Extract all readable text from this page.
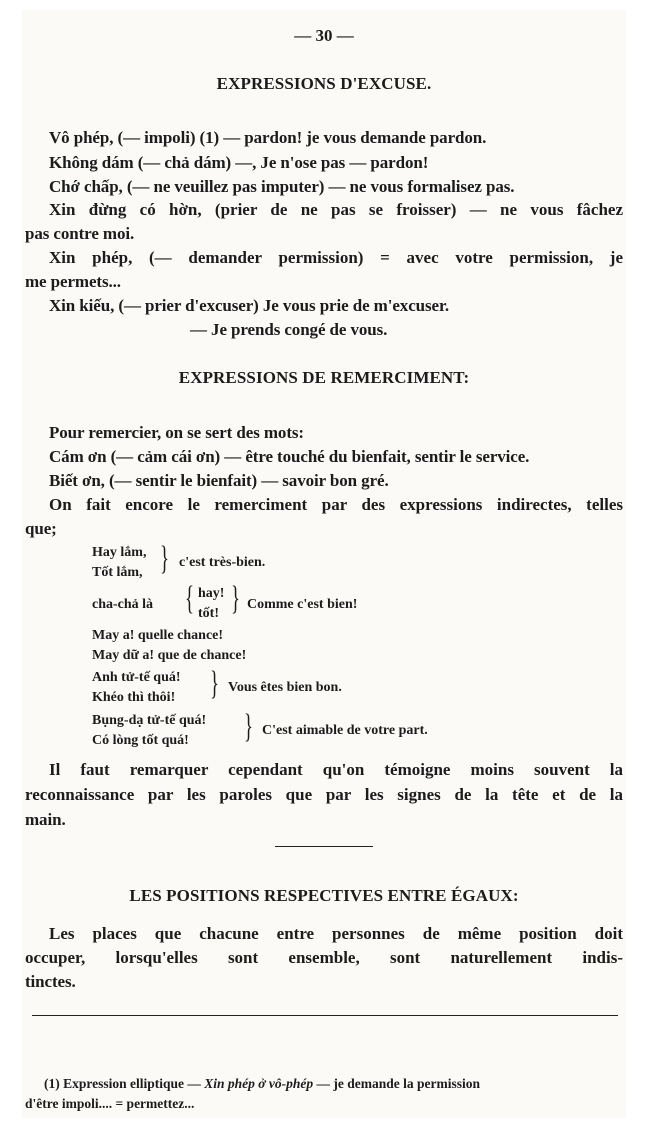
— 30 —
EXPRESSIONS D'EXCUSE.
Vô phép, (— impoli) (1) — pardon! je vous demande pardon.
Không dám (— chả dám) —, Je n'ose pas — pardon!
Chớ chấp, (— ne veuillez pas imputer) — ne vous formalisez pas.
Xin đừng có hờn, (prier de ne pas se froisser) — ne vous fâchez
pas contre moi.
Xin phép, (— demander permission) = avec votre permission, je
me permets...
Xin kiếu, (— prier d'excuser) Je vous prie de m'excuser.
— Je prends congé de vous.
EXPRESSIONS DE REMERCIMENT:
Pour remercier, on se sert des mots:
Cám ơn (— cảm cái ơn) — être touché du bienfait, sentir le service.
Biết ơn, (— sentir le bienfait) — savoir bon gré.
On fait encore le remerciment par des expressions indirectes, telles
que;
Hay lắm,
Tốt lắm, } c'est très-bien.
cha-chả là } hay!
tốt! } Comme c'est bien!
May a! quelle chance!
May dữ a! que de chance!
Anh tử-tế quá!
Khéo thì thôi! } Vous êtes bien bon.
Bụng-dạ tử-tế quá!
Có lòng tốt quá! } C'est aimable de votre part.
Il faut remarquer cependant qu'on témoigne moins souvent la
reconnaissance par les paroles que par les signes de la tête et de la
main.
LES POSITIONS RESPECTIVES ENTRE ÉGAUX:
Les places que chacune entre personnes de même position doit
occuper, lorsqu'elles sont ensemble, sont naturellement indis-
tinctes.
(1) Expression elliptique — Xin phép ở vô-phép — je demande la permission
d'être impoli.... = permettez...
